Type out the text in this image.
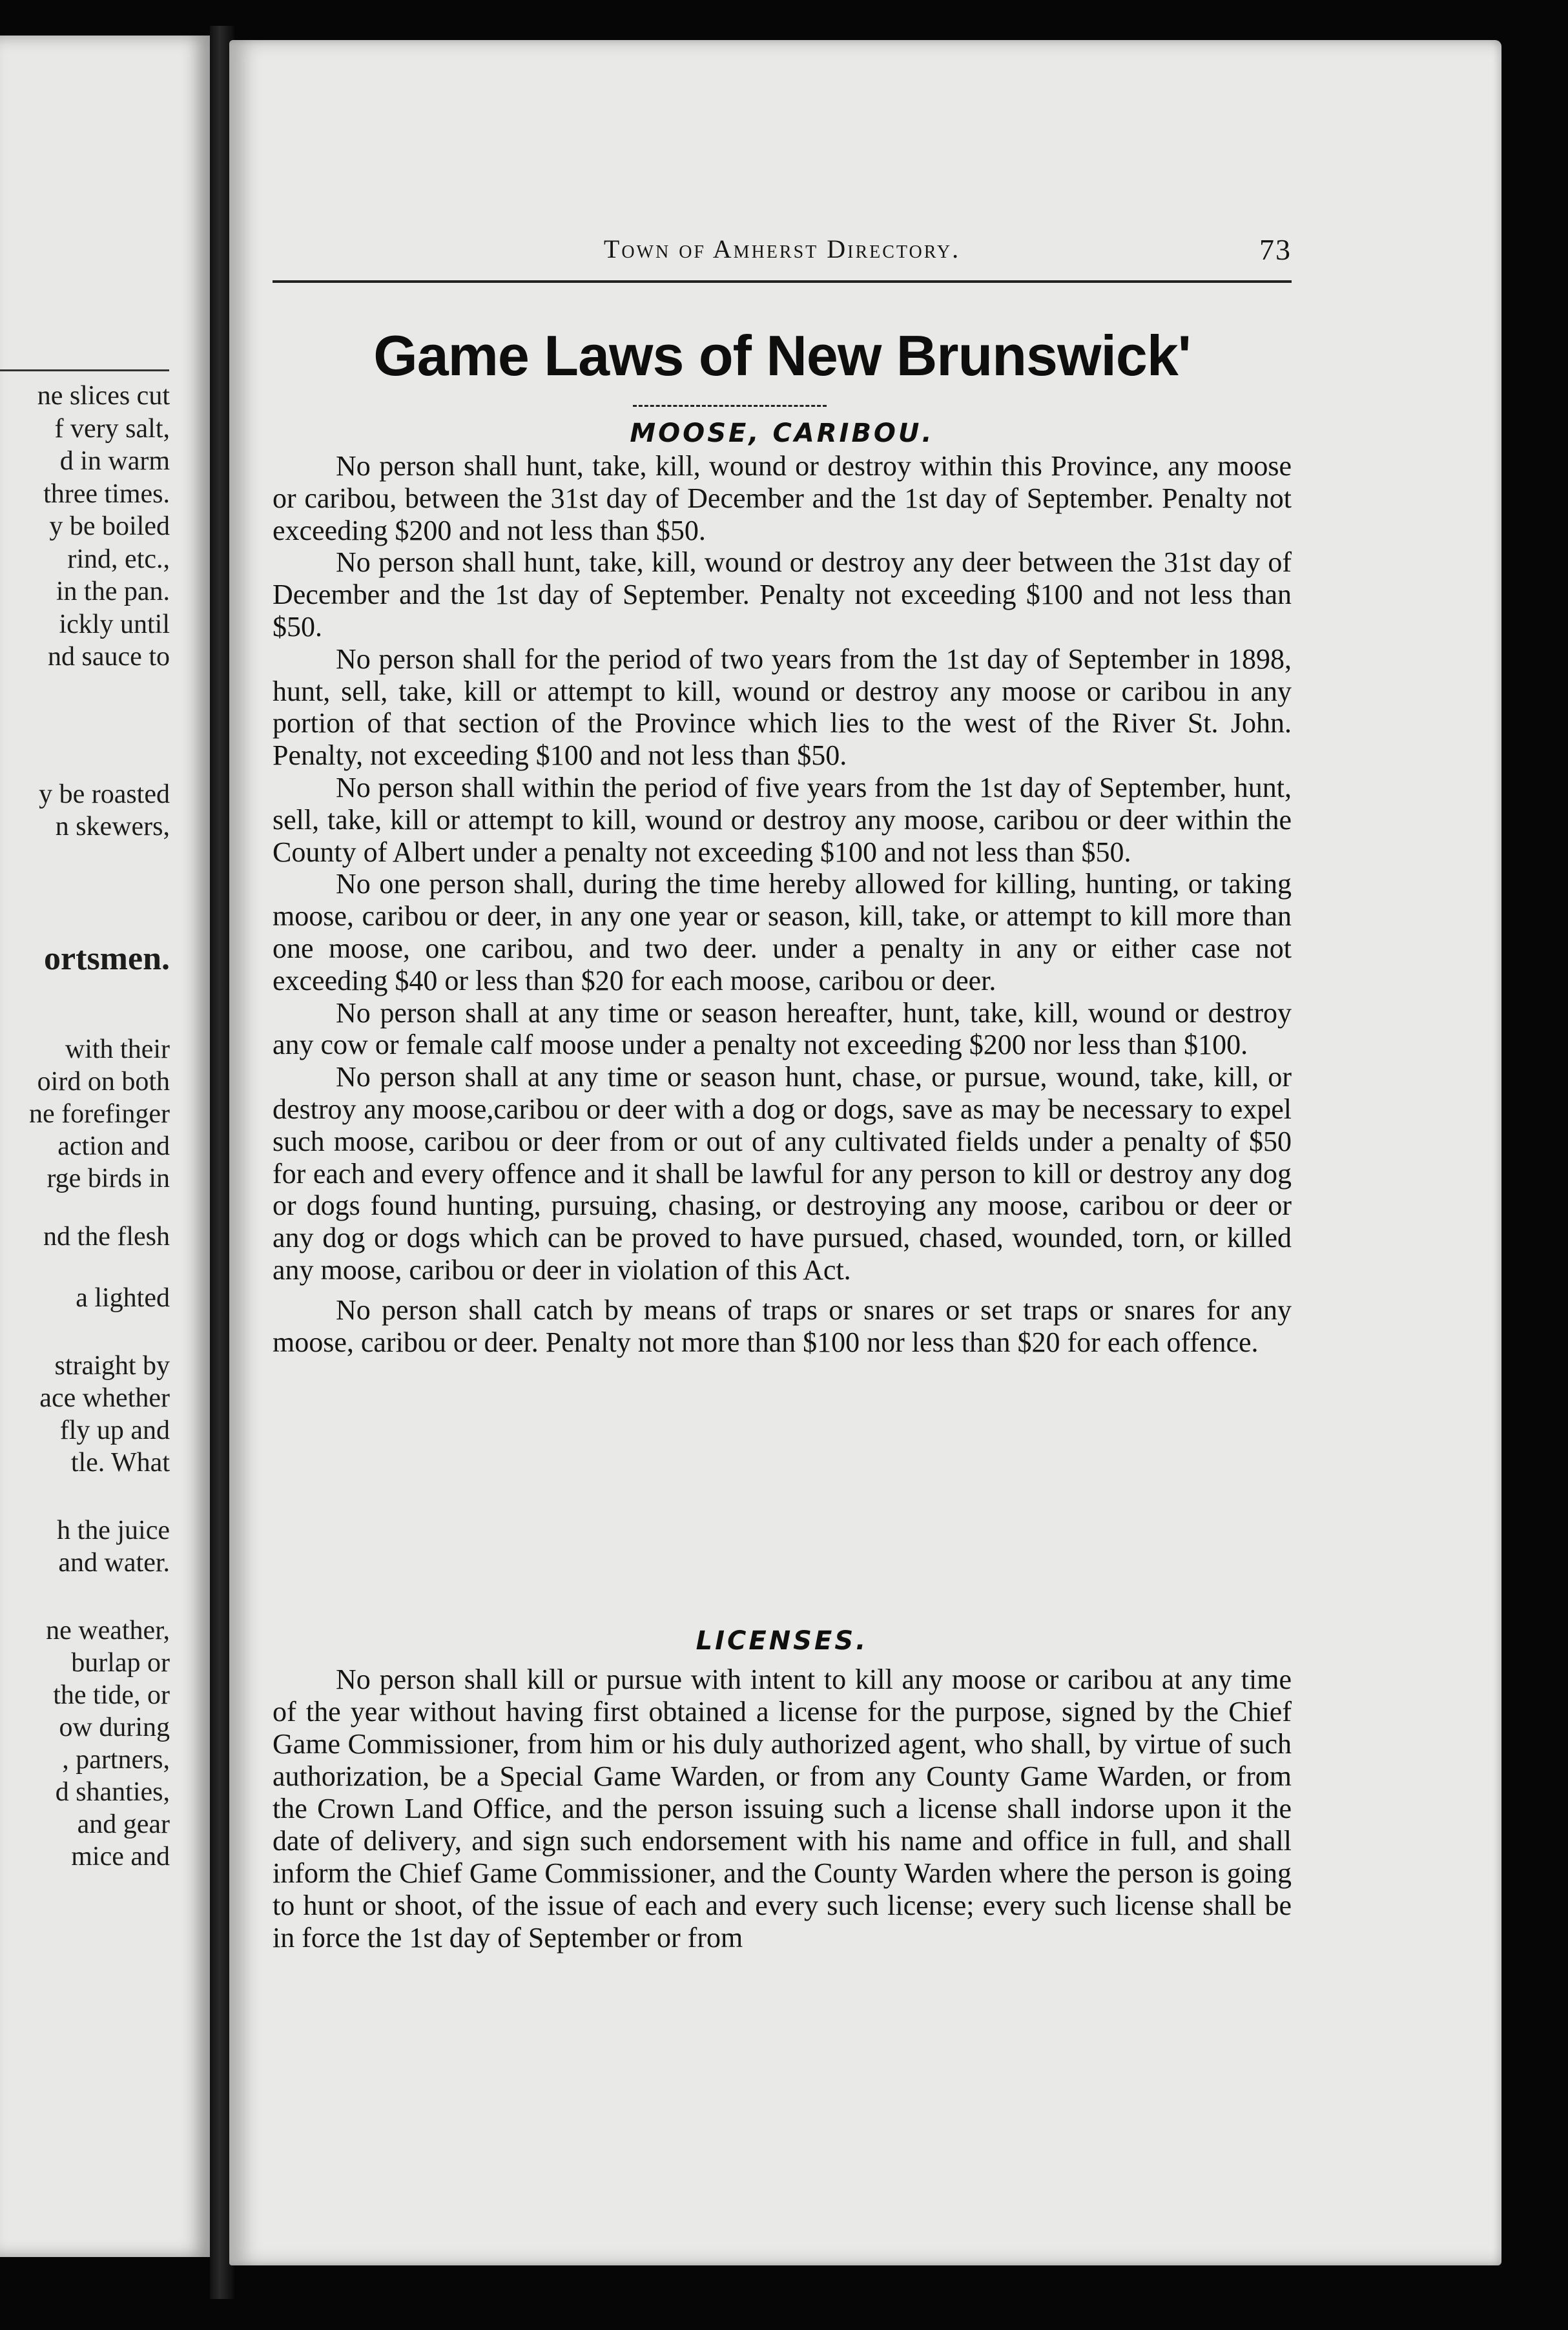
ne slices cut
f very salt,
d in warm
three times.
y be boiled
rind, etc.,
in the pan.
ickly until
nd sauce to
y be roasted
n skewers,
ortsmen.
with their
oird on both
ne forefinger
action and
rge birds in
nd the flesh
a lighted
straight by
ace whether
fly up and
tle. What
h the juice
and water.
ne weather,
burlap or
the tide, or
ow during
, partners,
d shanties,
and gear
mice and
Town of Amherst Directory.	73
Game Laws of New Brunswick'
MOOSE, CARIBOU.

No person shall hunt, take, kill, wound or destroy within this Province, any moose or caribou, between the 31st day of December and the 1st day of September. Penalty not exceeding $200 and not less than $50.

No person shall hunt, take, kill, wound or destroy any deer between the 31st day of December and the 1st day of September. Penalty not exceeding $100 and not less than $50.

No person shall for the period of two years from the 1st day of September in 1898, hunt, sell, take, kill or attempt to kill, wound or destroy any moose or caribou in any portion of that section of the Province which lies to the west of the River St. John. Penalty, not exceeding $100 and not less than $50.

No person shall within the period of five years from the 1st day of September, hunt, sell, take, kill or attempt to kill, wound or destroy any moose, caribou or deer within the County of Albert under a penalty not exceeding $100 and not less than $50.

No one person shall, during the time hereby allowed for killing, hunting, or taking moose, caribou or deer, in any one year or season, kill, take, or attempt to kill more than one moose, one caribou, and two deer. under a penalty in any or either case not exceeding $40 or less than $20 for each moose, caribou or deer.

No person shall at any time or season hereafter, hunt, take, kill, wound or destroy any cow or female calf moose under a penalty not exceeding $200 nor less than $100.

No person shall at any time or season hunt, chase, or pursue, wound, take, kill, or destroy any moose,caribou or deer with a dog or dogs, save as may be necessary to expel such moose, caribou or deer from or out of any cultivated fields under a penalty of $50 for each and every offence and it shall be lawful for any person to kill or destroy any dog or dogs found hunting, pursuing, chasing, or destroying any moose, caribou or deer or any dog or dogs which can be proved to have pursued, chased, wounded, torn, or killed any moose, caribou or deer in violation of this Act.

No person shall catch by means of traps or snares or set traps or snares for any moose, caribou or deer. Penalty not more than $100 nor less than $20 for each offence.

LICENSES.

No person shall kill or pursue with intent to kill any moose or caribou at any time of the year without having first obtained a license for the purpose, signed by the Chief Game Commissioner, from him or his duly authorized agent, who shall, by virtue of such authorization, be a Special Game Warden, or from any County Game Warden, or from the Crown Land Office, and the person issuing such a license shall indorse upon it the date of delivery, and sign such endorsement with his name and office in full, and shall inform the Chief Game Commissioner, and the County Warden where the person is going to hunt or shoot, of the issue of each and every such license; every such license shall be in force the 1st day of September or from
